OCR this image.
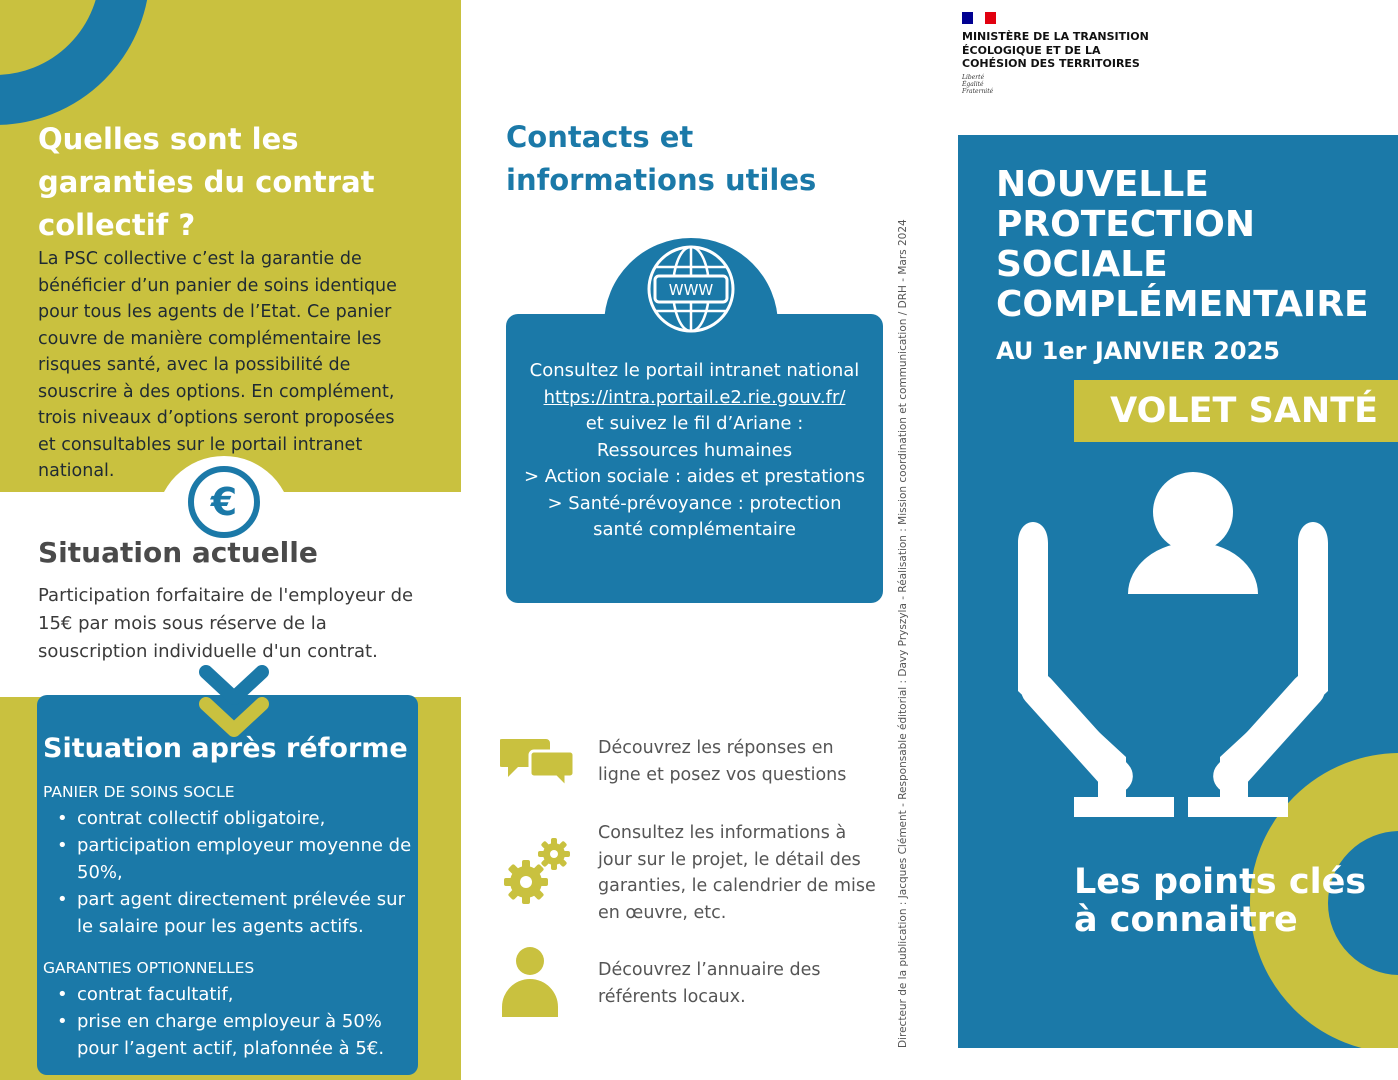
Quelles sont les garanties du contrat collectif ?

La PSC collective c’est la garantie de bénéficier d’un panier de soins identique pour tous les agents de l’Etat. Ce panier couvre de manière complémentaire les risques santé, avec la possibilité de souscrire à des options. En complément, trois niveaux d’options seront proposées et consultables sur le portail intranet national.

€
Situation actuelle

Participation forfaitaire de l'employeur de 15€ par mois sous réserve de la souscription individuelle d'un contrat.

Situation après réforme
PANIER DE SOINS SOCLE
• contrat collectif obligatoire,
• participation employeur moyenne de 50%,
• part agent directement prélevée sur le salaire pour les agents actifs.
GARANTIES OPTIONNELLES
• contrat facultatif,
• prise en charge employeur à 50% pour l’agent actif, plafonnée à 5€.
Contacts et informations utiles
WWW
Consultez le portail intranet national
https://intra.portail.e2.rie.gouv.fr/
et suivez le fil d’Ariane :
Ressources humaines
> Action sociale : aides et prestations
> Santé-prévoyance : protection
santé complémentaire
Découvrez les réponses en ligne et posez vos questions
Consultez les informations à jour sur le projet, le détail des garanties, le calendrier de mise en œuvre, etc.
Découvrez l’annuaire des référents locaux.	Directeur de la publication : Jacques Clément - Responsable éditorial : Davy Pryszyla - Réalisation : Mission coordination et communication / DRH - Mars 2024
MINISTÈRE DE LA TRANSITION ÉCOLOGIQUE ET DE LA COHÉSION DES TERRITOIRES
Liberté
Égalité
Fraternité
NOUVELLE PROTECTION SOCIALE COMPLÉMENTAIRE
AU 1er JANVIER 2025
VOLET SANTÉ
Les points clés à connaitre
